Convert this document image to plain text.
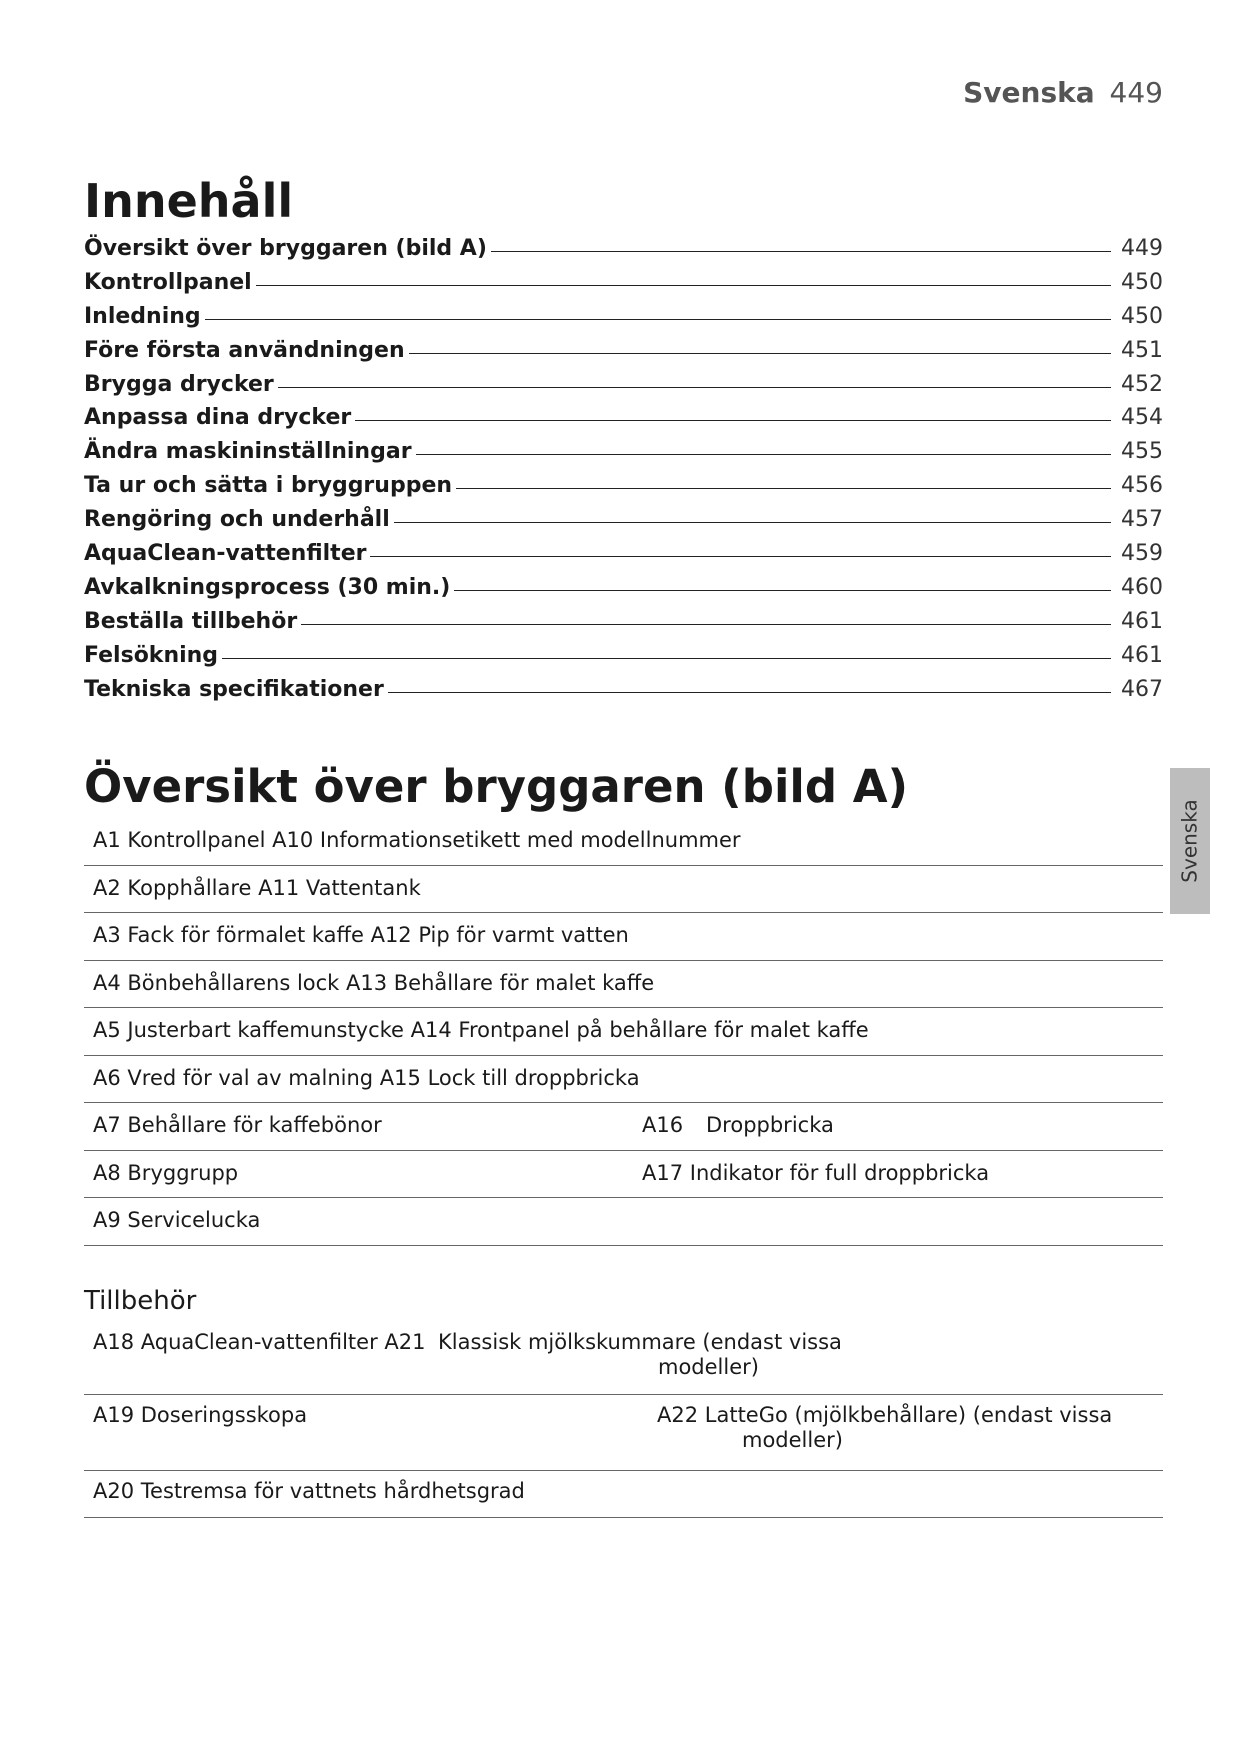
Svenska 449
Innehåll
Översikt över bryggaren (bild A)	449
Kontrollpanel	450
Inledning	450
Före första användningen	451
Brygga drycker	452
Anpassa dina drycker	454
Ändra maskininställningar	455
Ta ur och sätta i bryggruppen	456
Rengöring och underhåll	457
AquaClean-vattenfilter	459
Avkalkningsprocess (30 min.)	460
Beställa tillbehör	461
Felsökning	461
Tekniska specifikationer	467
Översikt över bryggaren (bild A)
Svenska
A1 Kontrollpanel A10 Informationsetikett med modellnummer
A2 Kopphållare A11 Vattentank
A3 Fack för förmalet kaffe A12 Pip för varmt vatten
A4 Bönbehållarens lock A13 Behållare för malet kaffe
A5 Justerbart kaffemunstycke A14 Frontpanel på behållare för malet kaffe
A6 Vred för val av malning A15 Lock till droppbricka
A7 Behållare för kaffebönor	A16 Droppbricka
A8 Bryggrupp	A17 Indikator för full droppbricka
A9 Servicelucka
Tillbehör
A18 AquaClean-vattenfilter A21 Klassisk mjölkskummare (endast vissa
modeller)
A19 Doseringsskopa	A22 LatteGo (mjölkbehållare) (endast vissa
modeller)
A20 Testremsa för vattnets hårdhetsgrad
